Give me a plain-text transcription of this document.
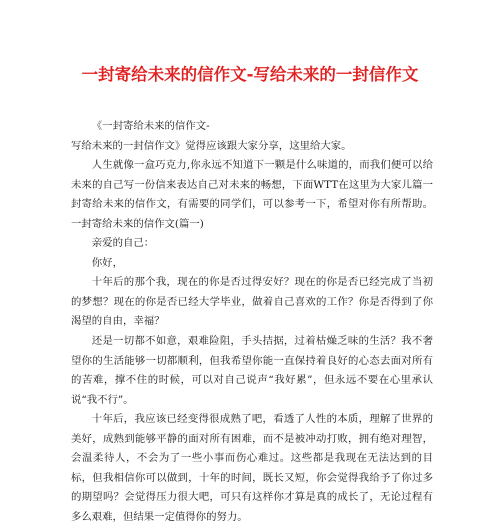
一封寄给未来的信作文-写给未来的一封信作文

《一封寄给未来的信作文-

写给未来的一封信作文》觉得应该跟大家分享，这里给大家。

人生就像一盒巧克力,你永远不知道下一颗是什么味道的，而我们便可以给未来的自己写一份信来表达自己对未来的畅想，下面WTT在这里为大家儿篇一封寄给未来的信作文，有需要的同学们，可以参考一下，希望对你有所帮助。一封寄给未来的信作文(篇一)

亲爱的自己：

你好，

十年后的那个我，现在的你是否过得安好？现在的你是否已经完成了当初的梦想？现在的你是否已经大学毕业，做着自己喜欢的工作？你是否得到了你渴望的自由，幸福？

还是一切都不如意，艰难险阻，手头拮据，过着枯燥乏味的生活？我不奢望你的生活能够一切都顺利，但我希望你能一直保持着良好的心态去面对所有的苦难，撑不住的时候，可以对自己说声“我好累”，但永远不要在心里承认说“我不行”。

十年后，我应该已经变得很成熟了吧，看透了人性的本质，理解了世界的美好，成熟到能够平静的面对所有困难，而不是被冲动打败，拥有绝对理智，会温柔待人，不会为了一些小事而伤心难过。这些都是我现在无法达到的目标，但我相信你可以做到，十年的时间，既长又短，你会觉得我给予了你过多的期望吗？会觉得压力很大吧，可只有这样你才算是真的成长了，无论过程有多么艰难，但结果一定值得你的努力。
